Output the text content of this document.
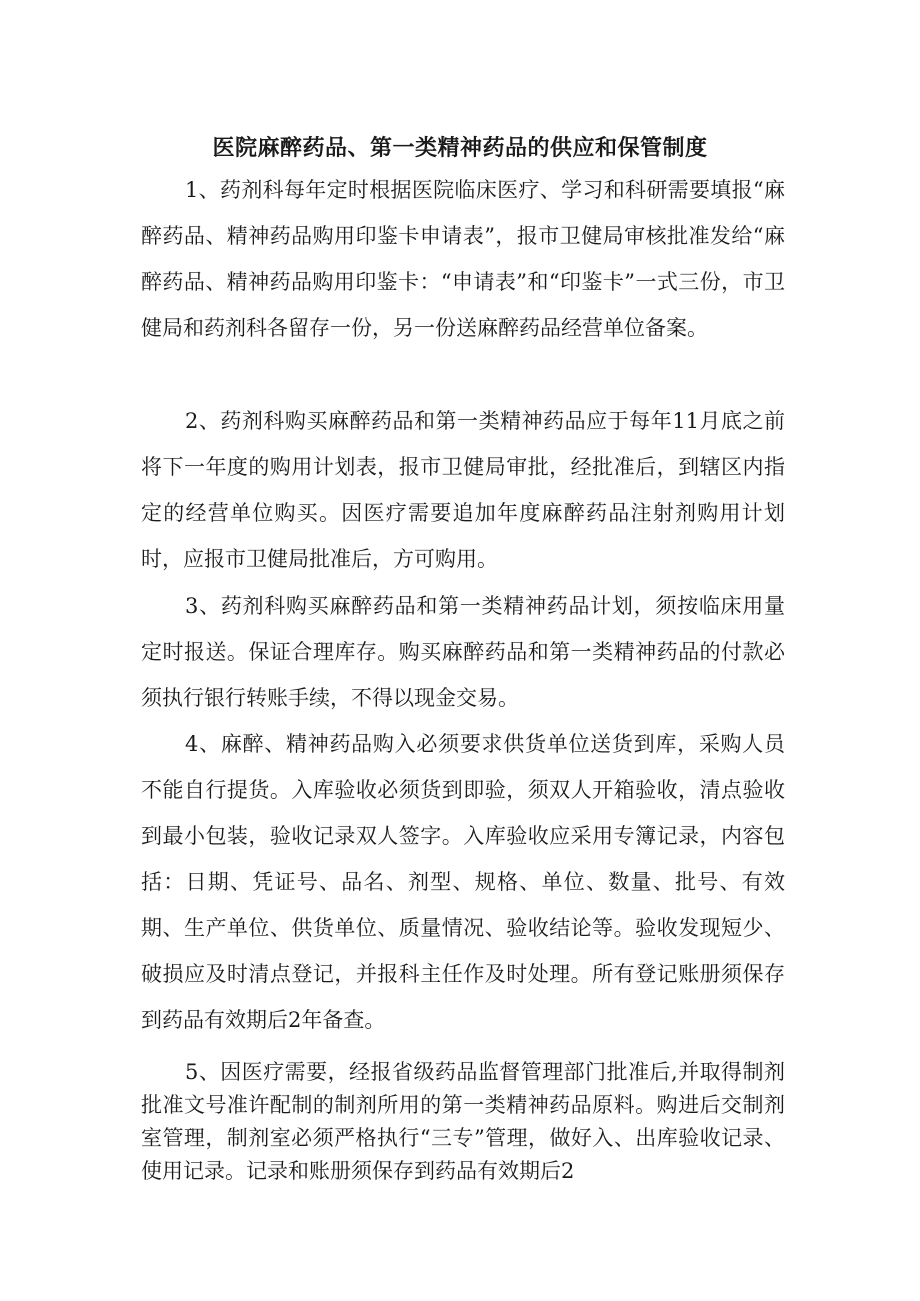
医院麻醉药品、第一类精神药品的供应和保管制度

1、药剂科每年定时根据医院临床医疗、学习和科研需要填报“麻醉药品、精神药品购用印鉴卡申请表”，报市卫健局审核批准发给“麻醉药品、精神药品购用印鉴卡：“申请表”和“印鉴卡”一式三份，市卫健局和药剂科各留存一份，另一份送麻醉药品经营单位备案。

2、药剂科购买麻醉药品和第一类精神药品应于每年11月底之前将下一年度的购用计划表，报市卫健局审批，经批准后，到辖区内指定的经营单位购买。因医疗需要追加年度麻醉药品注射剂购用计划时，应报市卫健局批准后，方可购用。

3、药剂科购买麻醉药品和第一类精神药品计划，须按临床用量定时报送。保证合理库存。购买麻醉药品和第一类精神药品的付款必须执行银行转账手续，不得以现金交易。

4、麻醉、精神药品购入必须要求供货单位送货到库，采购人员不能自行提货。入库验收必须货到即验，须双人开箱验收，清点验收到最小包装，验收记录双人签字。入库验收应采用专簿记录，内容包括：日期、凭证号、品名、剂型、规格、单位、数量、批号、有效期、生产单位、供货单位、质量情况、验收结论等。验收发现短少、破损应及时清点登记，并报科主任作及时处理。所有登记账册须保存到药品有效期后2年备查。

5、因医疗需要，经报省级药品监督管理部门批准后,并取得制剂批准文号准许配制的制剂所用的第一类精神药品原料。购进后交制剂室管理，制剂室必须严格执行“三专”管理，做好入、出库验收记录、使用记录。记录和账册须保存到药品有效期后2
